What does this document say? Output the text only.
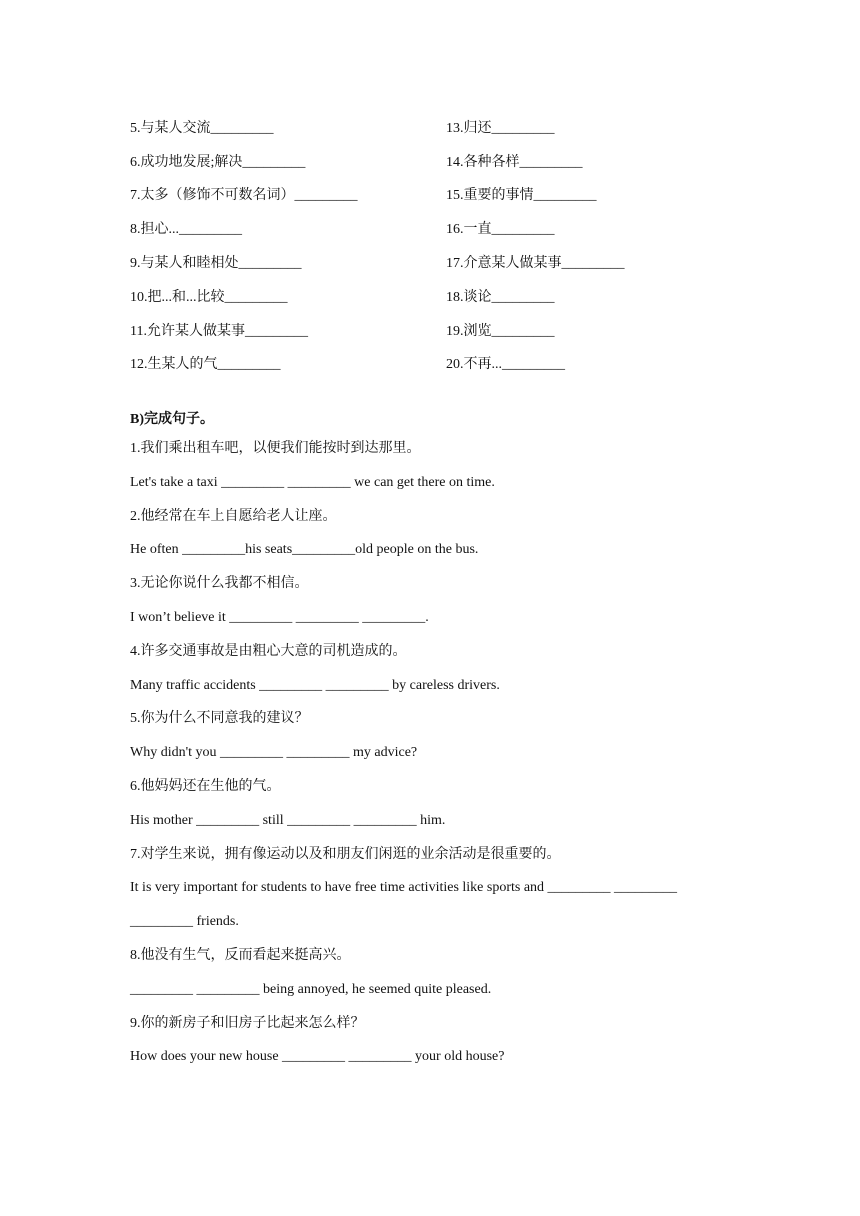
5.与某人交流_________	13.归还_________
6.成功地发展;解决_________	14.各种各样_________
7.太多（修饰不可数名词）_________	15.重要的事情_________
8.担心..._________	16.一直_________
9.与某人和睦相处_________	17.介意某人做某事_________
10.把...和...比较_________	18.谈论_________
11.允许某人做某事_________	19.浏览_________
12.生某人的气_________	20.不再..._________
B)完成句子。
1.我们乘出租车吧，以便我们能按时到达那里。
Let's take a taxi _________ _________ we can get there on time.
2.他经常在车上自愿给老人让座。
He often _________his seats_________old people on the bus.
3.无论你说什么我都不相信。
I won’t believe it _________ _________ _________.
4.许多交通事故是由粗心大意的司机造成的。
Many traffic accidents _________ _________ by careless drivers.
5.你为什么不同意我的建议？
Why didn't you _________ _________ my advice?
6.他妈妈还在生他的气。
His mother _________ still _________ _________ him.
7.对学生来说，拥有像运动以及和朋友们闲逛的业余活动是很重要的。
It is very important for students to have free time activities like sports and _________ _________
_________ friends.
8.他没有生气，反而看起来挺高兴。
_________ _________ being annoyed, he seemed quite pleased.
9.你的新房子和旧房子比起来怎么样？
How does your new house _________ _________ your old house?
